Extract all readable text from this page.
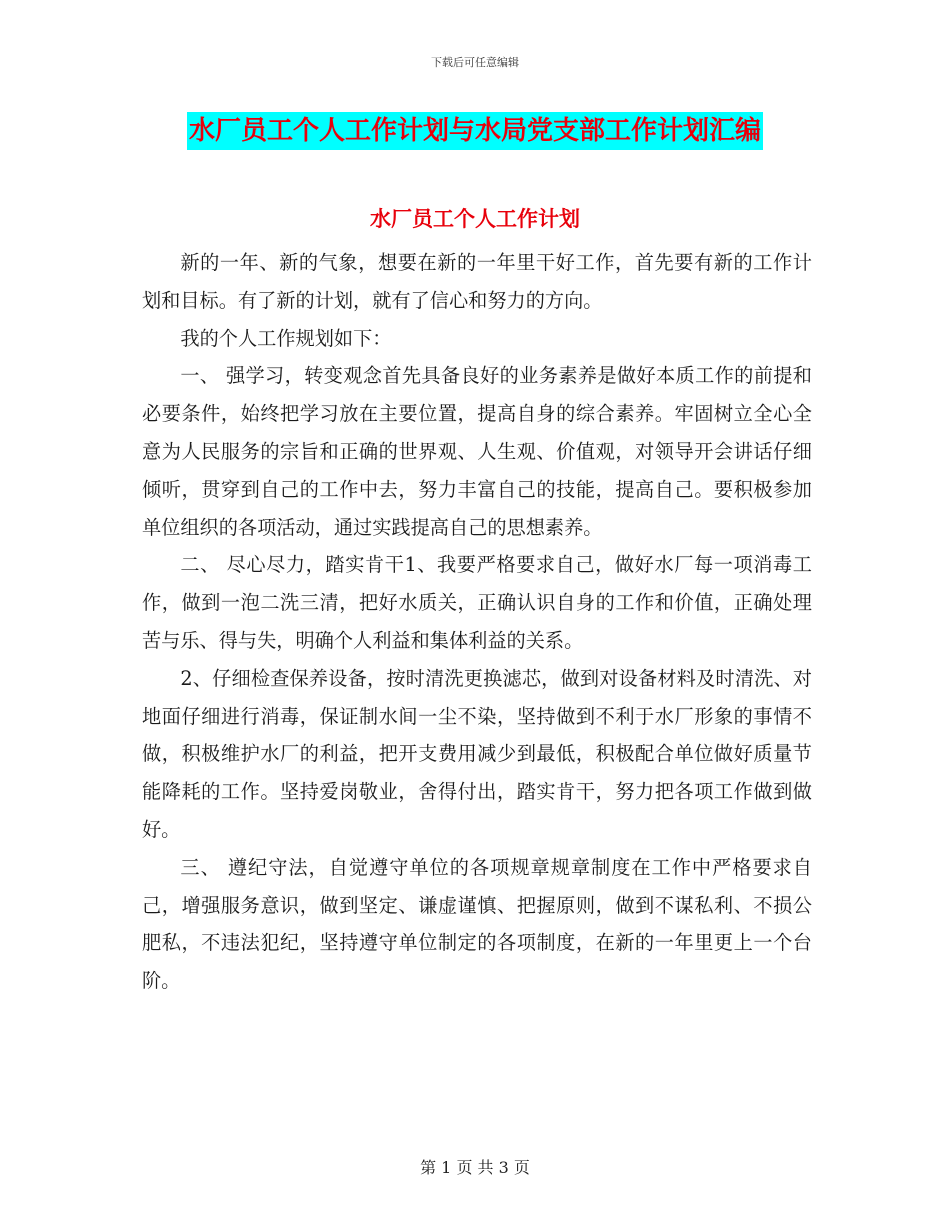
下载后可任意编辑
水厂员工个人工作计划与水局党支部工作计划汇编
水厂员工个人工作计划

新的一年、新的气象，想要在新的一年里干好工作，首先要有新的工作计划和目标。有了新的计划，就有了信心和努力的方向。

我的个人工作规划如下：

一、 强学习，转变观念首先具备良好的业务素养是做好本质工作的前提和必要条件，始终把学习放在主要位置，提高自身的综合素养。牢固树立全心全意为人民服务的宗旨和正确的世界观、人生观、价值观，对领导开会讲话仔细倾听，贯穿到自己的工作中去，努力丰富自己的技能，提高自己。要积极参加单位组织的各项活动，通过实践提高自己的思想素养。

二、 尽心尽力，踏实肯干1、我要严格要求自己，做好水厂每一项消毒工作，做到一泡二洗三清，把好水质关，正确认识自身的工作和价值，正确处理苦与乐、得与失，明确个人利益和集体利益的关系。

2、仔细检查保养设备，按时清洗更换滤芯，做到对设备材料及时清洗、对地面仔细进行消毒，保证制水间一尘不染，坚持做到不利于水厂形象的事情不做，积极维护水厂的利益，把开支费用减少到最低，积极配合单位做好质量节能降耗的工作。坚持爱岗敬业，舍得付出，踏实肯干，努力把各项工作做到做好。

三、 遵纪守法，自觉遵守单位的各项规章规章制度在工作中严格要求自己，增强服务意识，做到坚定、谦虚谨慎、把握原则，做到不谋私利、不损公肥私，不违法犯纪，坚持遵守单位制定的各项制度，在新的一年里更上一个台阶。

第 1 页 共 3 页
